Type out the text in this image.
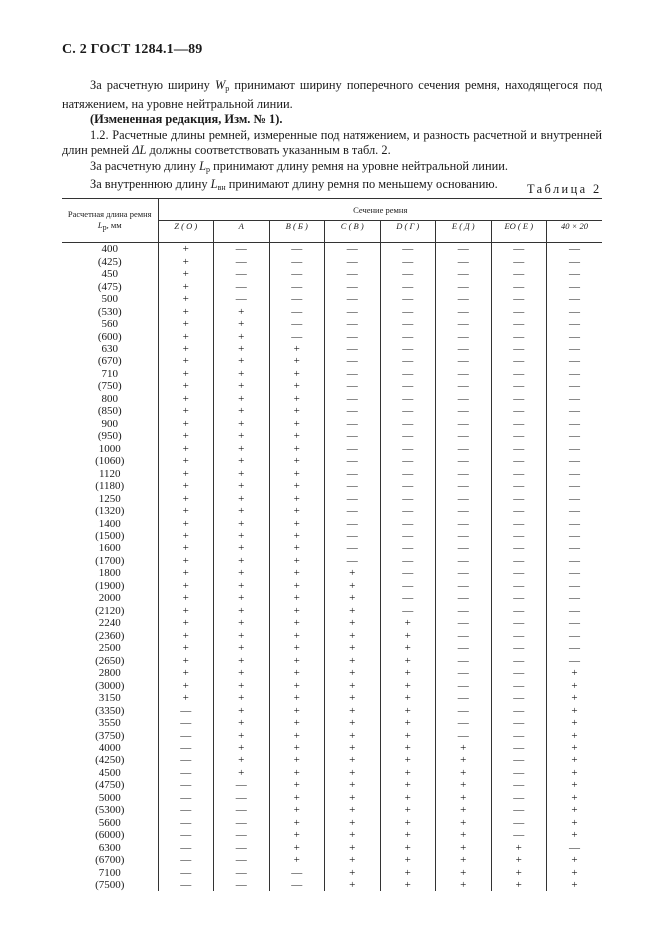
С. 2 ГОСТ 1284.1—89

За расчетную ширину $W_р$ принимают ширину поперечного сечения ремня, находящегося под натяжением, на уровне нейтральной линии.

(Измененная редакция, Изм. № 1).

1.2. Расчетные длины ремней, измеренные под натяжением, и разность расчетной и внутренней длин ремней ΔL должны соответствовать указанным в табл. 2.

За расчетную длину $L_р$ принимают длину ремня на уровне нейтральной линии.

За внутреннюю длину $L_{вн}$ принимают длину ремня по меньшему основанию.	Таблица 2
Расчетная длина ремня
Lр, мм	Сечение ремня							
	Z ( O )	A	B ( Б )	C ( B )	D ( Г )	E ( Д )	EO ( E )	40 × 20
400	+	—	—	—	—	—	—	—
(425)	+	—	—	—	—	—	—	—
450	+	—	—	—	—	—	—	—
(475)	+	—	—	—	—	—	—	—
500	+	—	—	—	—	—	—	—
(530)	+	+	—	—	—	—	—	—
560	+	+	—	—	—	—	—	—
(600)	+	+	—	—	—	—	—	—
630	+	+	+	—	—	—	—	—
(670)	+	+	+	—	—	—	—	—
710	+	+	+	—	—	—	—	—
(750)	+	+	+	—	—	—	—	—
800	+	+	+	—	—	—	—	—
(850)	+	+	+	—	—	—	—	—
900	+	+	+	—	—	—	—	—
(950)	+	+	+	—	—	—	—	—
1000	+	+	+	—	—	—	—	—
(1060)	+	+	+	—	—	—	—	—
1120	+	+	+	—	—	—	—	—
(1180)	+	+	+	—	—	—	—	—
1250	+	+	+	—	—	—	—	—
(1320)	+	+	+	—	—	—	—	—
1400	+	+	+	—	—	—	—	—
(1500)	+	+	+	—	—	—	—	—
1600	+	+	+	—	—	—	—	—
(1700)	+	+	+	—	—	—	—	—
1800	+	+	+	+	—	—	—	—
(1900)	+	+	+	+	—	—	—	—
2000	+	+	+	+	—	—	—	—
(2120)	+	+	+	+	—	—	—	—
2240	+	+	+	+	+	—	—	—
(2360)	+	+	+	+	+	—	—	—
2500	+	+	+	+	+	—	—	—
(2650)	+	+	+	+	+	—	—	—
2800	+	+	+	+	+	—	—	+
(3000)	+	+	+	+	+	—	—	+
3150	+	+	+	+	+	—	—	+
(3350)	—	+	+	+	+	—	—	+
3550	—	+	+	+	+	—	—	+
(3750)	—	+	+	+	+	—	—	+
4000	—	+	+	+	+	+	—	+
(4250)	—	+	+	+	+	+	—	+
4500	—	+	+	+	+	+	—	+
(4750)	—	—	+	+	+	+	—	+
5000	—	—	+	+	+	+	—	+
(5300)	—	—	+	+	+	+	—	+
5600	—	—	+	+	+	+	—	+
(6000)	—	—	+	+	+	+	—	+
6300	—	—	+	+	+	+	+	—
(6700)	—	—	+	+	+	+	+	+
7100	—	—	—	+	+	+	+	+
(7500)	—	—	—	+	+	+	+	+
